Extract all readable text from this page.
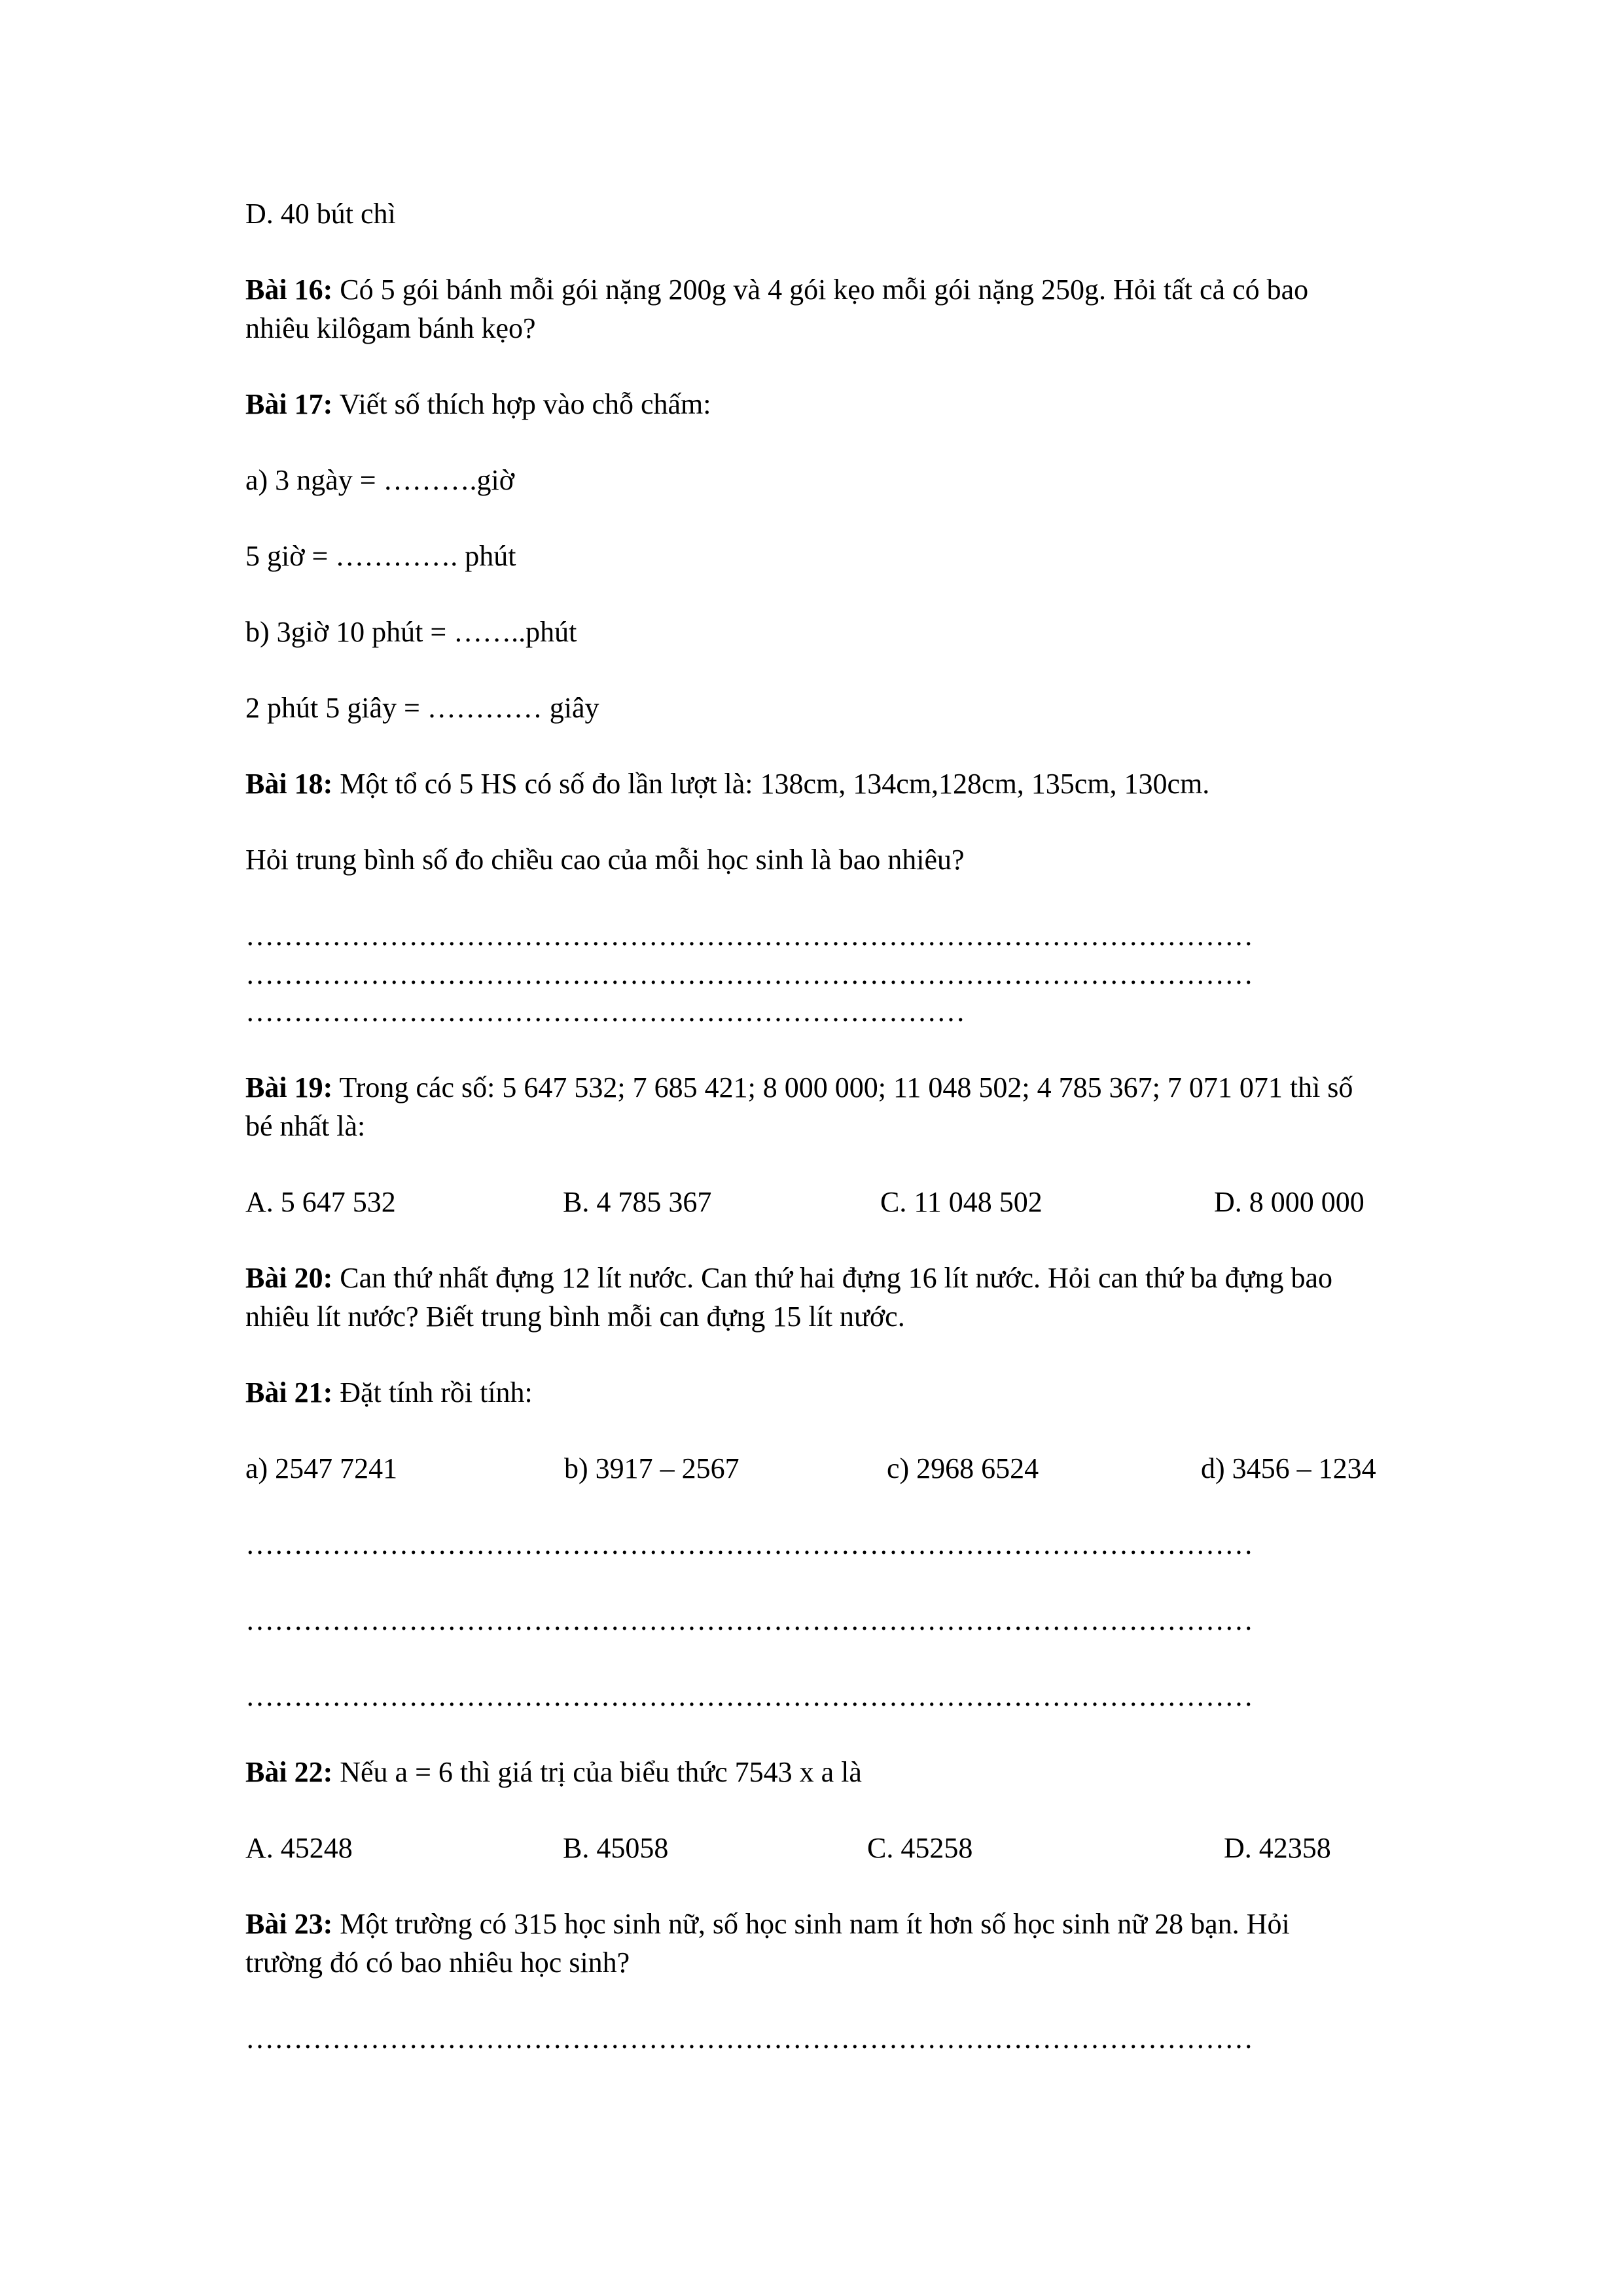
D. 40 bút chì

Bài 16: Có 5 gói bánh mỗi gói nặng 200g và 4 gói kẹo mỗi gói nặng 250g. Hỏi tất cả có bao

nhiêu kilôgam bánh kẹo?

Bài 17: Viết số thích hợp vào chỗ chấm:

a) 3 ngày = ……….giờ

5 giờ = …………. phút

b) 3giờ 10 phút = ……..phút

2 phút 5 giây = ………… giây

Bài 18: Một tổ có 5 HS có số đo lần lượt là: 138cm, 134cm,128cm, 135cm, 130cm.

Hỏi trung bình số đo chiều cao của mỗi học sinh là bao nhiêu?

……………………………………………………………………………………………

……………………………………………………………………………………………

…………………………………………………………………

Bài 19: Trong các số: 5 647 532; 7 685 421; 8 000 000; 11 048 502; 4 785 367; 7 071 071 thì số

bé nhất là:

A. 5 647 532	B. 4 785 367	C. 11 048 502	D. 8 000 000

Bài 20: Can thứ nhất đựng 12 lít nước. Can thứ hai đựng 16 lít nước. Hỏi can thứ ba đựng bao

nhiêu lít nước? Biết trung bình mỗi can đựng 15 lít nước.

Bài 21: Đặt tính rồi tính:

a) 2547 7241	b) 3917 – 2567	c) 2968 6524	d) 3456 – 1234

……………………………………………………………………………………………

……………………………………………………………………………………………

……………………………………………………………………………………………

Bài 22: Nếu a = 6 thì giá trị của biểu thức 7543 x a là

A. 45248	B. 45058	C. 45258	D. 42358

Bài 23: Một trường có 315 học sinh nữ, số học sinh nam ít hơn số học sinh nữ 28 bạn. Hỏi

trường đó có bao nhiêu học sinh?

……………………………………………………………………………………………
